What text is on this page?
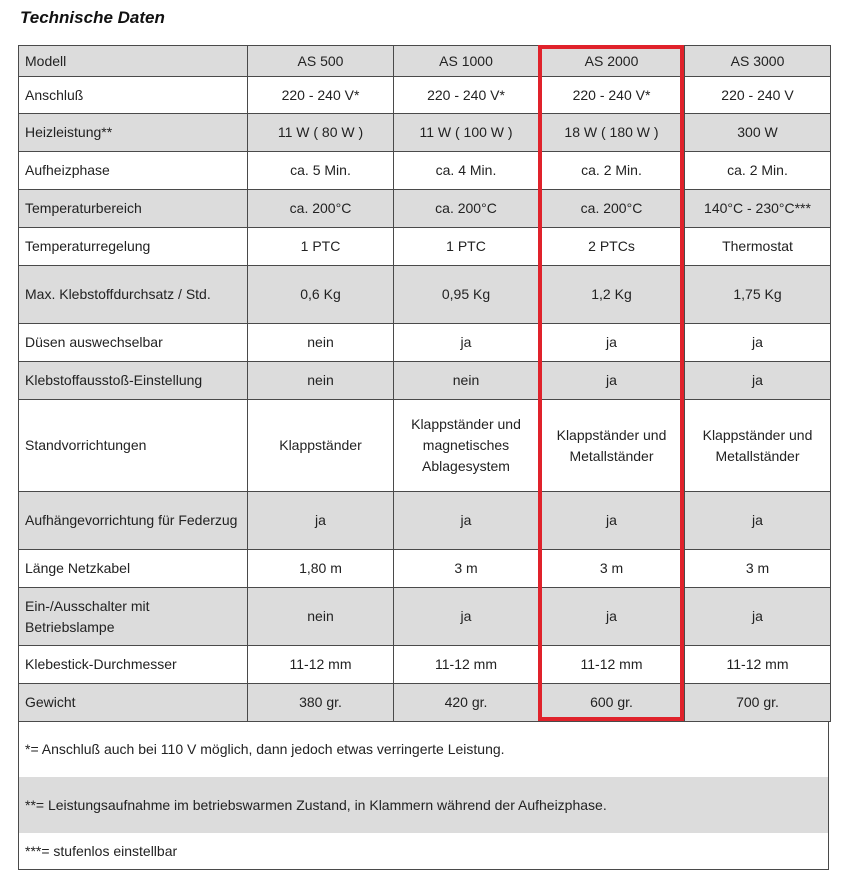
Technische Daten
Modell	AS 500	AS 1000	AS 2000	AS 3000
Anschluß	220 - 240 V*	220 - 240 V*	220 - 240 V*	220 - 240 V
Heizleistung**	11 W ( 80 W )	11 W ( 100 W )	18 W ( 180 W )	300 W
Aufheizphase	ca. 5 Min.	ca. 4 Min.	ca. 2 Min.	ca. 2 Min.
Temperaturbereich	ca. 200°C	ca. 200°C	ca. 200°C	140°C - 230°C***
Temperaturregelung	1 PTC	1 PTC	2 PTCs	Thermostat
Max. Klebstoffdurchsatz / Std.	0,6 Kg	0,95 Kg	1,2 Kg	1,75 Kg
Düsen auswechselbar	nein	ja	ja	ja
Klebstoffausstoß-Einstellung	nein	nein	ja	ja
Standvorrichtungen	Klappständer	Klappständer und magnetisches Ablagesystem	Klappständer und Metallständer	Klappständer und Metallständer
Aufhängevorrichtung für Federzug	ja	ja	ja	ja
Länge Netzkabel	1,80 m	3 m	3 m	3 m
Ein-/Ausschalter mit Betriebslampe	nein	ja	ja	ja
Klebestick-Durchmesser	11-12 mm	11-12 mm	11-12 mm	11-12 mm
Gewicht	380 gr.	420 gr.	600 gr.	700 gr.
*= Anschluß auch bei 110 V möglich, dann jedoch etwas verringerte Leistung.
**= Leistungsaufnahme im betriebswarmen Zustand, in Klammern während der Aufheizphase.
***= stufenlos einstellbar
